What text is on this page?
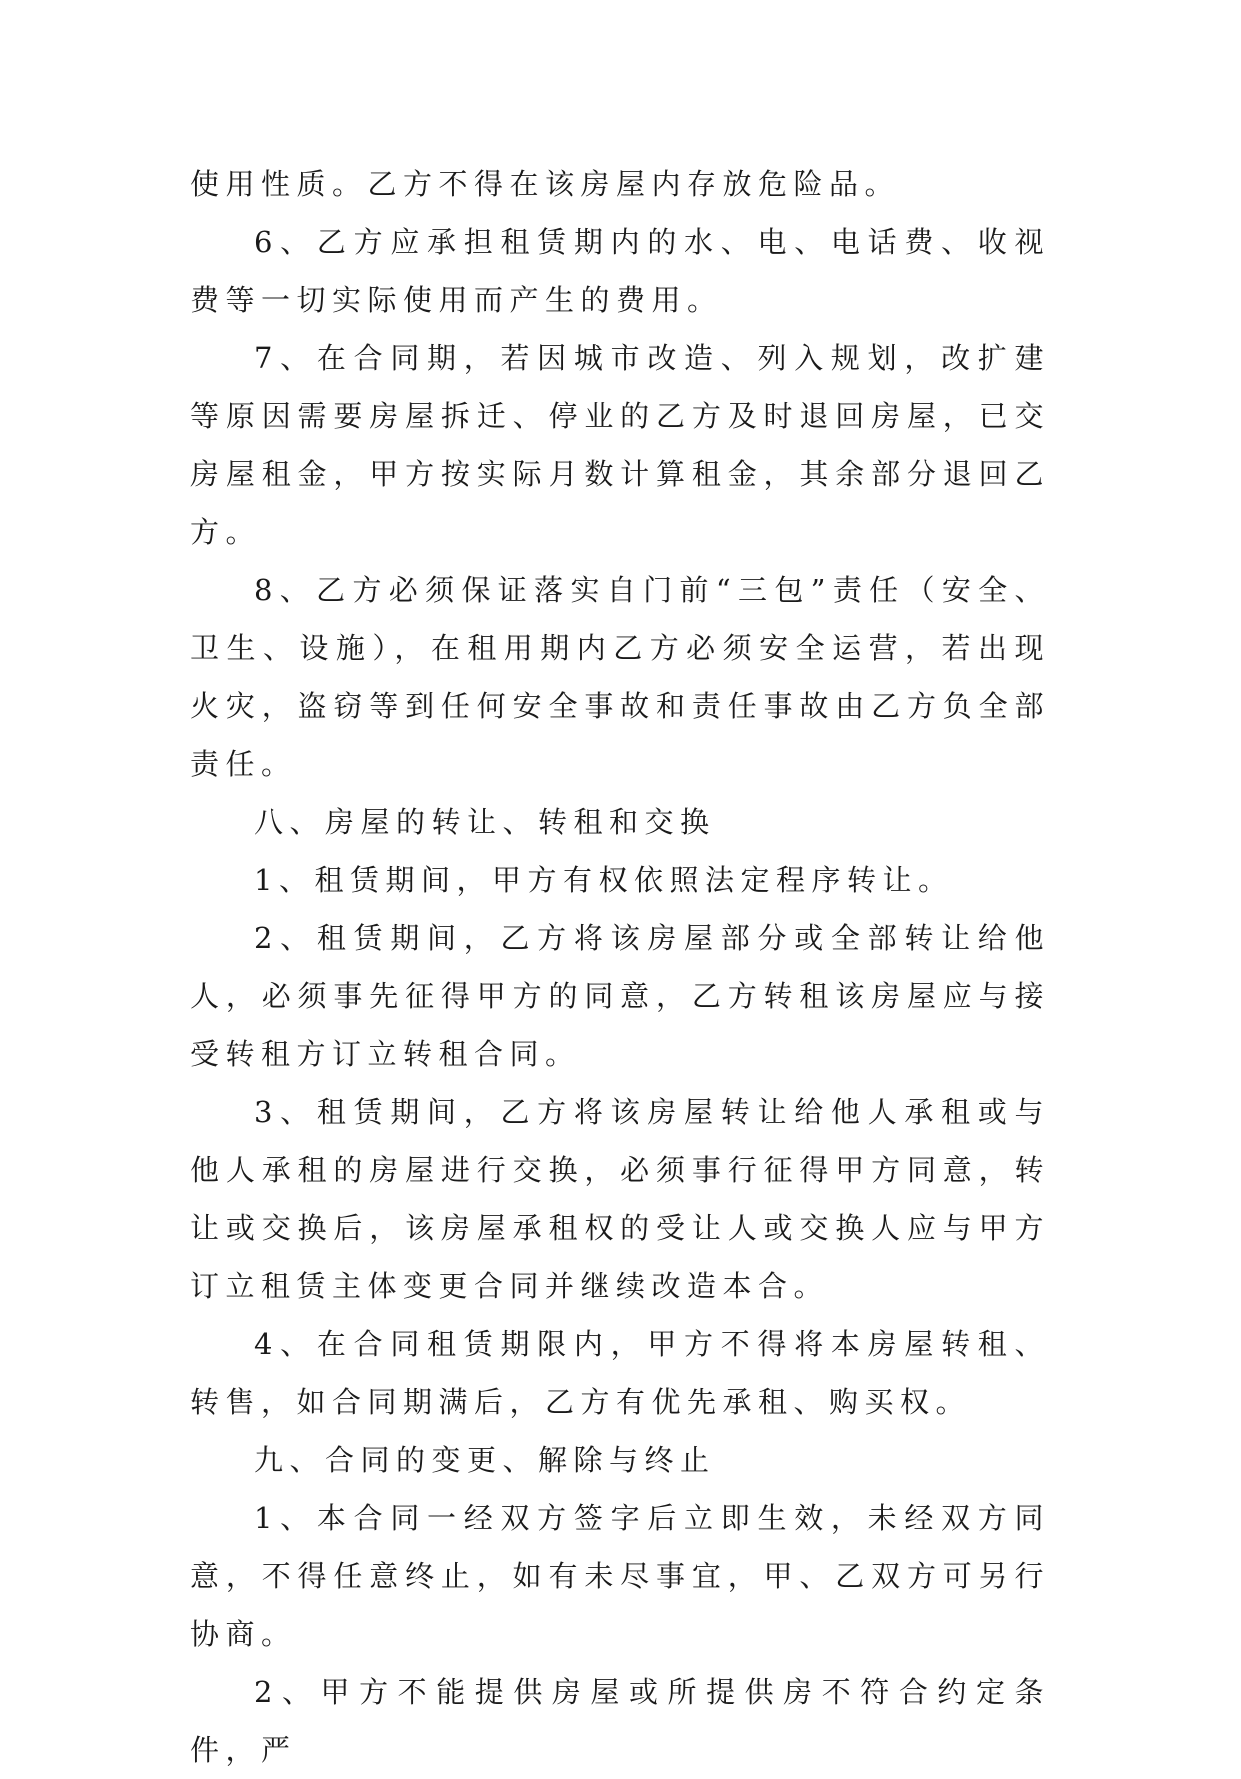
使用性质。乙方不得在该房屋内存放危险品。

6、乙方应承担租赁期内的水、电、电话费、收视费等一切实际使用而产生的费用。

7、在合同期，若因城市改造、列入规划，改扩建等原因需要房屋拆迁、停业的乙方及时退回房屋，已交房屋租金，甲方按实际月数计算租金，其余部分退回乙方。

8、乙方必须保证落实自门前“三包”责任（安全、卫生、设施），在租用期内乙方必须安全运营，若出现火灾，盗窃等到任何安全事故和责任事故由乙方负全部责任。

八、房屋的转让、转租和交换

1、租赁期间，甲方有权依照法定程序转让。

2、租赁期间，乙方将该房屋部分或全部转让给他人，必须事先征得甲方的同意，乙方转租该房屋应与接受转租方订立转租合同。

3、租赁期间，乙方将该房屋转让给他人承租或与他人承租的房屋进行交换，必须事行征得甲方同意，转让或交换后，该房屋承租权的受让人或交换人应与甲方订立租赁主体变更合同并继续改造本合。

4、在合同租赁期限内，甲方不得将本房屋转租、转售，如合同期满后，乙方有优先承租、购买权。

九、合同的变更、解除与终止

1、本合同一经双方签字后立即生效，未经双方同意，不得任意终止，如有未尽事宜，甲、乙双方可另行协商。

2、甲方不能提供房屋或所提供房不符合约定条件，严
